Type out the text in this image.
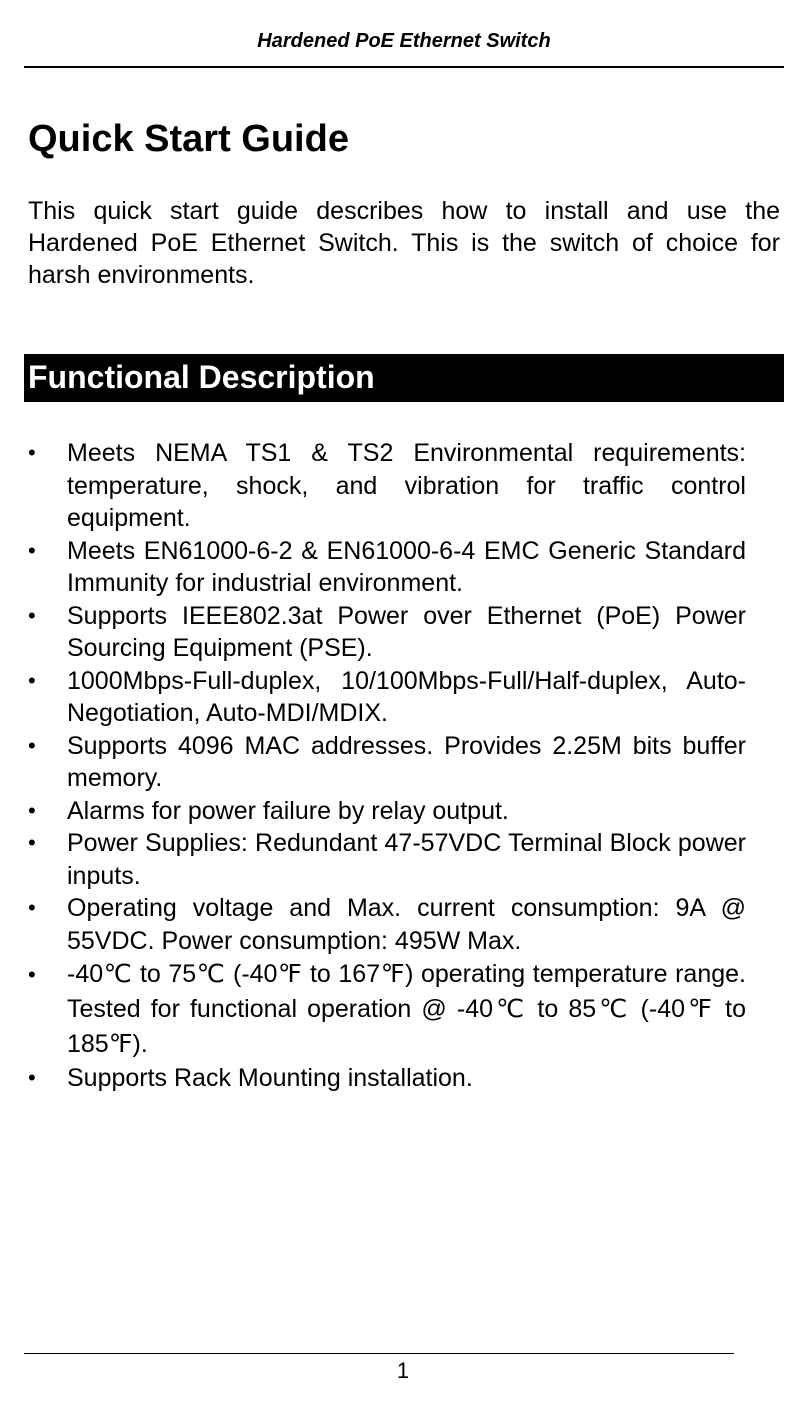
Hardened PoE Ethernet Switch
Quick Start Guide

This quick start guide describes how to install and use the Hardened PoE Ethernet Switch. This is the switch of choice for harsh environments.

Functional Description
•	Meets NEMA TS1 & TS2 Environmental requirements: temperature, shock, and vibration for traffic control equipment.
•	Meets EN61000-6-2 & EN61000-6-4 EMC Generic Standard Immunity for industrial environment.
•	Supports IEEE802.3at Power over Ethernet (PoE) Power Sourcing Equipment (PSE).
•	1000Mbps-Full-duplex, 10/100Mbps-Full/Half-duplex, Auto-Negotiation, Auto-MDI/MDIX.
•	Supports 4096 MAC addresses. Provides 2.25M bits buffer memory.
•	Alarms for power failure by relay output.
•	Power Supplies: Redundant 47-57VDC Terminal Block power inputs.
•	Operating voltage and Max. current consumption: 9A @ 55VDC. Power consumption: 495W Max.
•	-40℃ to 75℃ (-40℉ to 167℉) operating temperature range. Tested for functional operation @ -40℃ to 85℃ (-40℉ to 185℉).
•	Supports Rack Mounting installation.
1
